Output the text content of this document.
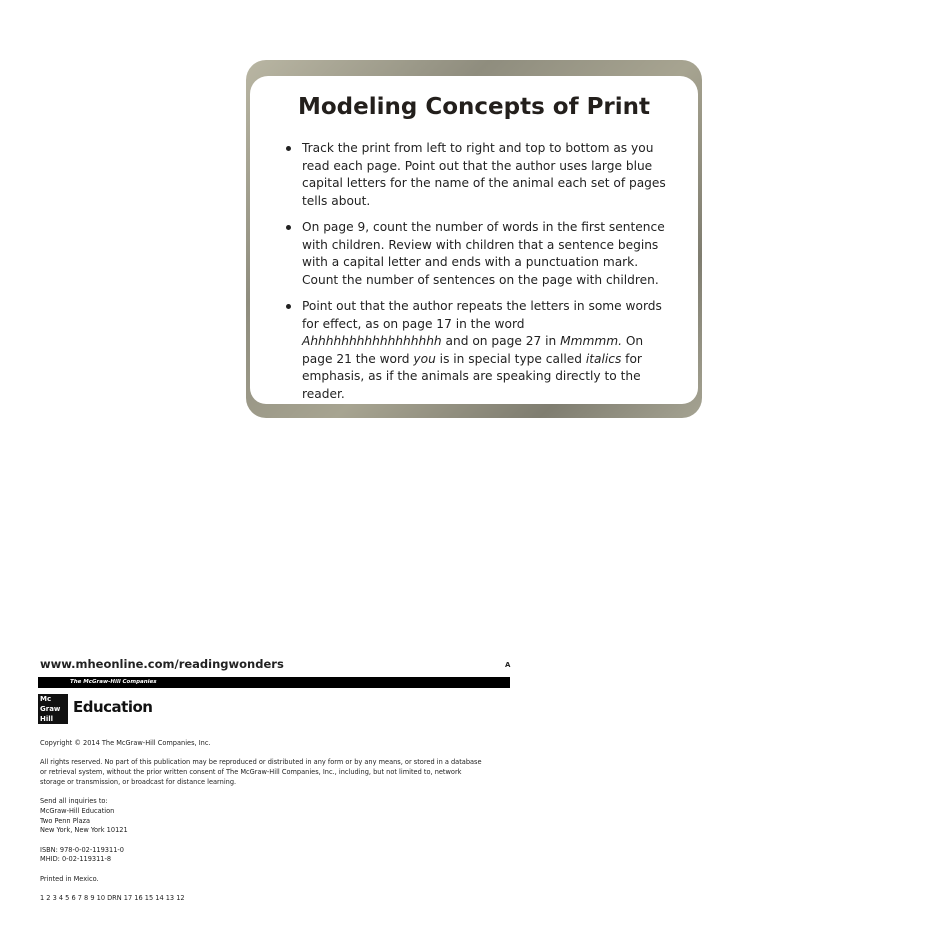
Modeling Concepts of Print
Track the print from left to right and top to bottom as you read each page. Point out that the author uses large blue capital letters for the name of the animal each set of pages tells about.
On page 9, count the number of words in the first sentence with children. Review with children that a sentence begins with a capital letter and ends with a punctuation mark. Count the number of sentences on the page with children.
Point out that the author repeats the letters in some words for effect, as on page 17 in the word Ahhhhhhhhhhhhhhhhh and on page 27 in Mmmmm. On page 21 the word you is in special type called italics for emphasis, as if the animals are speaking directly to the reader.
www.mheonline.com/readingwonders	A
The McGraw-Hill Companies
Mc Graw Hill
Education
Copyright © 2014 The McGraw-Hill Companies, Inc.
All rights reserved. No part of this publication may be reproduced or distributed in any form or by any means, or stored in a database
or retrieval system, without the prior written consent of The McGraw-Hill Companies, Inc., including, but not limited to, network
storage or transmission, or broadcast for distance learning.
Send all inquiries to:
McGraw-Hill Education
Two Penn Plaza
New York, New York 10121
ISBN: 978-0-02-119311-0
MHID: 0-02-119311-8
Printed in Mexico.
1 2 3 4 5 6 7 8 9 10 DRN 17 16 15 14 13 12
